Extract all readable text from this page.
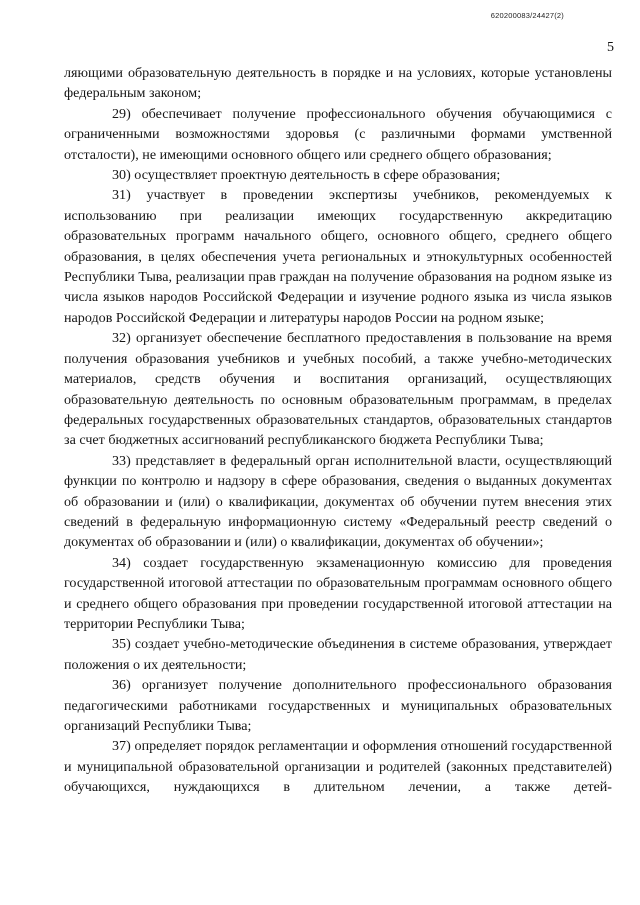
620200083/24427(2)
5

ляющими образовательную деятельность в порядке и на условиях, которые установлены федеральным законом;

29) обеспечивает получение профессионального обучения обучающимися с ограниченными возможностями здоровья (с различными формами умственной отсталости), не имеющими основного общего или среднего общего образования;

30) осуществляет проектную деятельность в сфере образования;

31) участвует в проведении экспертизы учебников, рекомендуемых к использованию при реализации имеющих государственную аккредитацию образовательных программ начального общего, основного общего, среднего общего образования, в целях обеспечения учета региональных и этнокультурных особенностей Республики Тыва, реализации прав граждан на получение образования на родном языке из числа языков народов Российской Федерации и изучение родного языка из числа языков народов Российской Федерации и литературы народов России на родном языке;

32) организует обеспечение бесплатного предоставления в пользование на время получения образования учебников и учебных пособий, а также учебно-методических материалов, средств обучения и воспитания организаций, осуществляющих образовательную деятельность по основным образовательным программам, в пределах федеральных государственных образовательных стандартов, образовательных стандартов за счет бюджетных ассигнований республиканского бюджета Республики Тыва;

33) представляет в федеральный орган исполнительной власти, осуществляющий функции по контролю и надзору в сфере образования, сведения о выданных документах об образовании и (или) о квалификации, документах об обучении путем внесения этих сведений в федеральную информационную систему «Федеральный реестр сведений о документах об образовании и (или) о квалификации, документах об обучении»;

34) создает государственную экзаменационную комиссию для проведения государственной итоговой аттестации по образовательным программам основного общего и среднего общего образования при проведении государственной итоговой аттестации на территории Республики Тыва;

35) создает учебно-методические объединения в системе образования, утверждает положения о их деятельности;

36) организует получение дополнительного профессионального образования педагогическими работниками государственных и муниципальных образовательных организаций Республики Тыва;

37) определяет порядок регламентации и оформления отношений государственной и муниципальной образовательной организации и родителей (законных представителей) обучающихся, нуждающихся в длительном лечении, а также детей-
